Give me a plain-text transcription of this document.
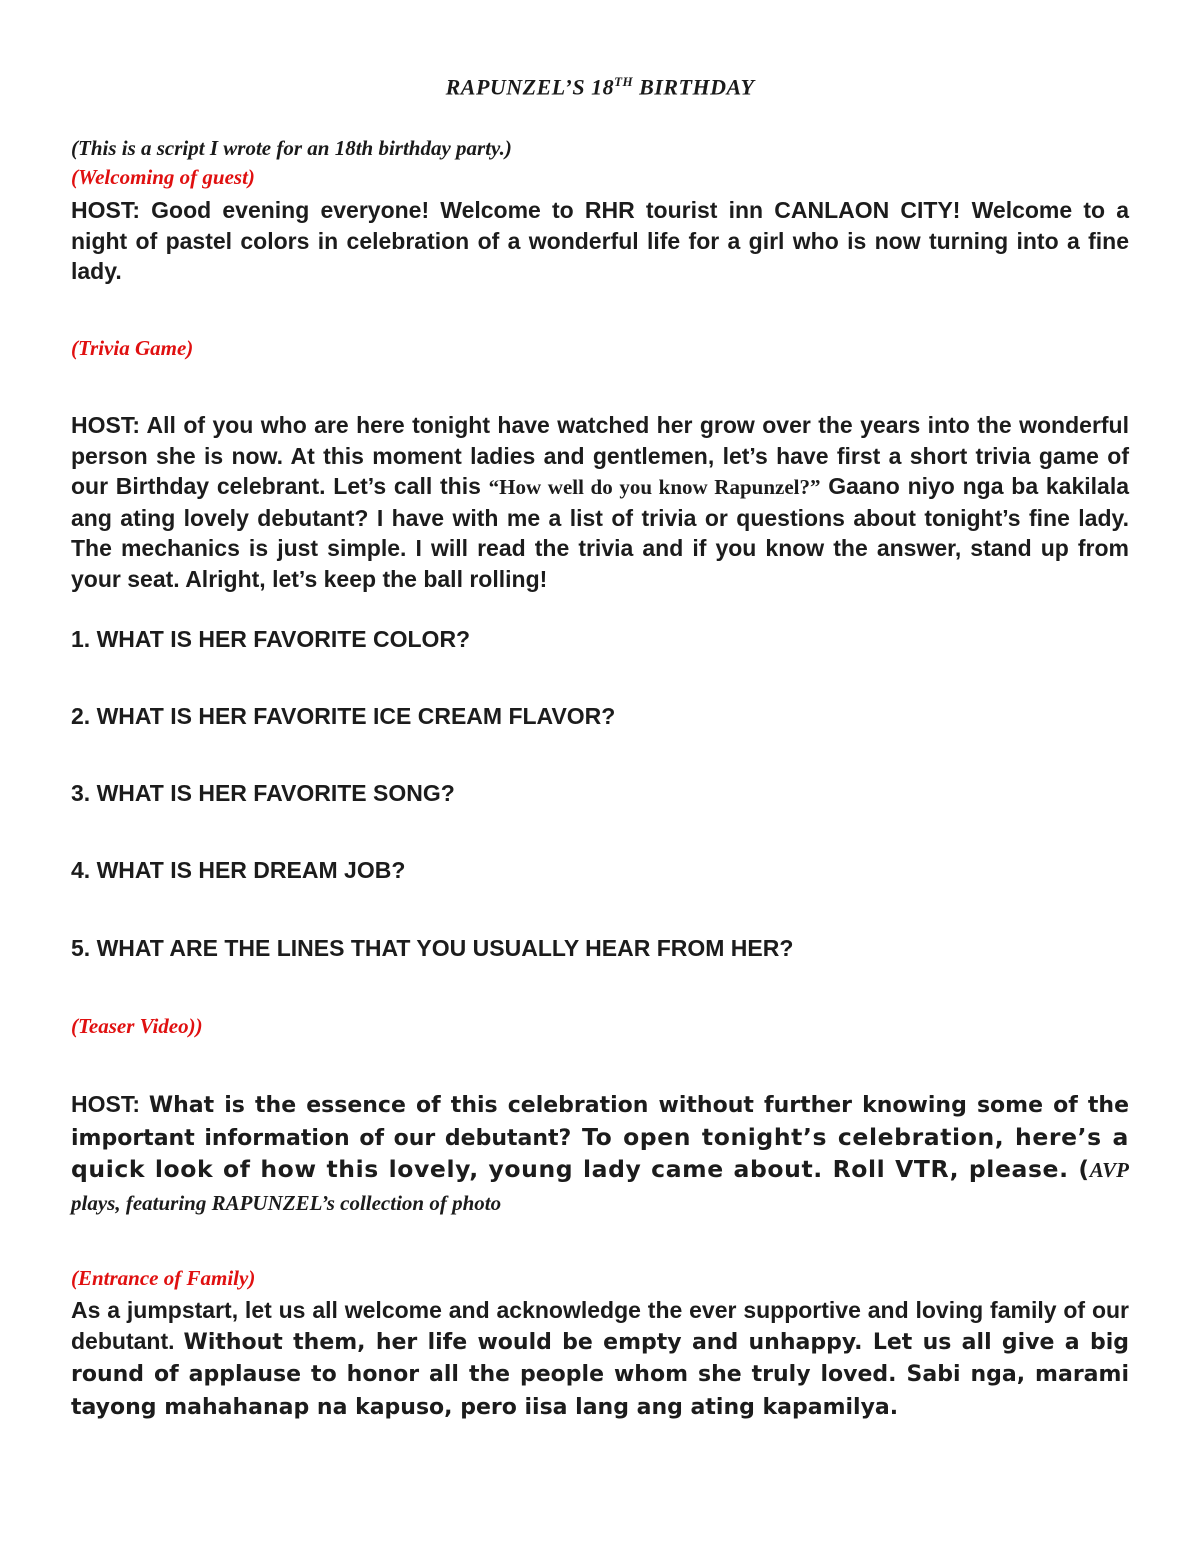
RAPUNZEL’S 18TH BIRTHDAY
(This is a script I wrote for an 18th birthday party.)
(Welcoming of guest)
HOST: Good evening everyone! Welcome to RHR tourist inn CANLAON CITY! Welcome to a night of pastel colors in celebration of a wonderful life for a girl who is now turning into a fine lady.
(Trivia Game)
HOST: All of you who are here tonight have watched her grow over the years into the wonderful person she is now. At this moment ladies and gentlemen, let’s have first a short trivia game of our Birthday celebrant. Let’s call this “How well do you know Rapunzel?” Gaano niyo nga ba kakilala ang ating lovely debutant? I have with me a list of trivia or questions about tonight’s fine lady. The mechanics is just simple. I will read the trivia and if you know the answer, stand up from your seat. Alright, let’s keep the ball rolling!
1. WHAT IS HER FAVORITE COLOR?
2. WHAT IS HER FAVORITE ICE CREAM FLAVOR?
3. WHAT IS HER FAVORITE SONG?
4. WHAT IS HER DREAM JOB?
5. WHAT ARE THE LINES THAT YOU USUALLY HEAR FROM HER?
(Teaser Video))
HOST: What is the essence of this celebration without further knowing some of the important information of our debutant? To open tonight’s celebration, here’s a quick look of how this lovely, young lady came about. Roll VTR, please. (AVP plays, featuring RAPUNZEL’s collection of photo
(Entrance of Family)
As a jumpstart, let us all welcome and acknowledge the ever supportive and loving family of our debutant. Without them, her life would be empty and unhappy. Let us all give a big round of applause to honor all the people whom she truly loved. Sabi nga, marami tayong mahahanap na kapuso, pero iisa lang ang ating kapamilya.
